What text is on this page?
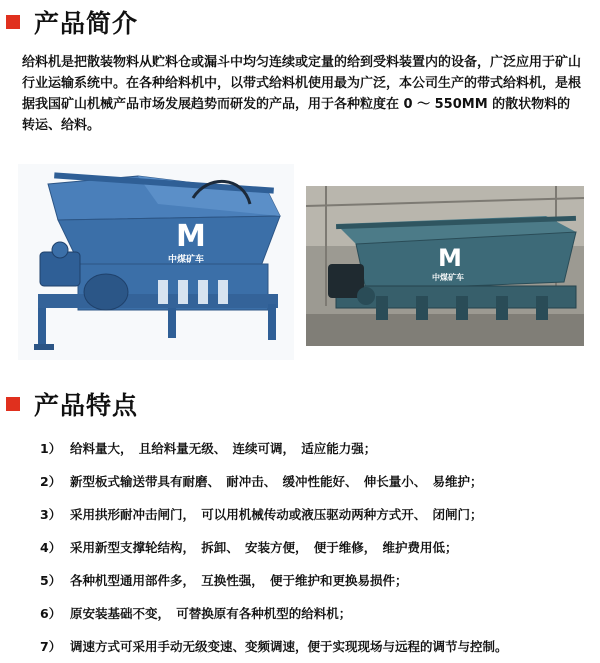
产品简介
给料机是把散装物料从贮料仓或漏斗中均匀连续或定量的给到受料装置内的设备，广泛应用于矿山行业运输系统中。在各种给料机中，以带式给料机使用最为广泛，本公司生产的带式给料机，是根据我国矿山机械产品市场发展趋势而研发的产品，用于各种粒度在 0 ～ 550MM 的散状物料的转运、给料。
M
中煤矿车	M
中煤矿车
产品特点
1） 给料量大，　且给料量无级、　连续可调，　适应能力强；
2） 新型板式输送带具有耐磨、　耐冲击、　缓冲性能好、　伸长量小、　易维护；
3） 采用拱形耐冲击闸门，　可以用机械传动或液压驱动两种方式开、　闭闸门；
4） 采用新型支撑轮结构，　拆卸、　安装方便，　便于维修，　维护费用低；
5） 各种机型通用部件多，　互换性强，　便于维护和更换易损件；
6） 原安装基础不变，　可替换原有各种机型的给料机；
7） 调速方式可采用手动无级变速、变频调速，便于实现现场与远程的调节与控制。
